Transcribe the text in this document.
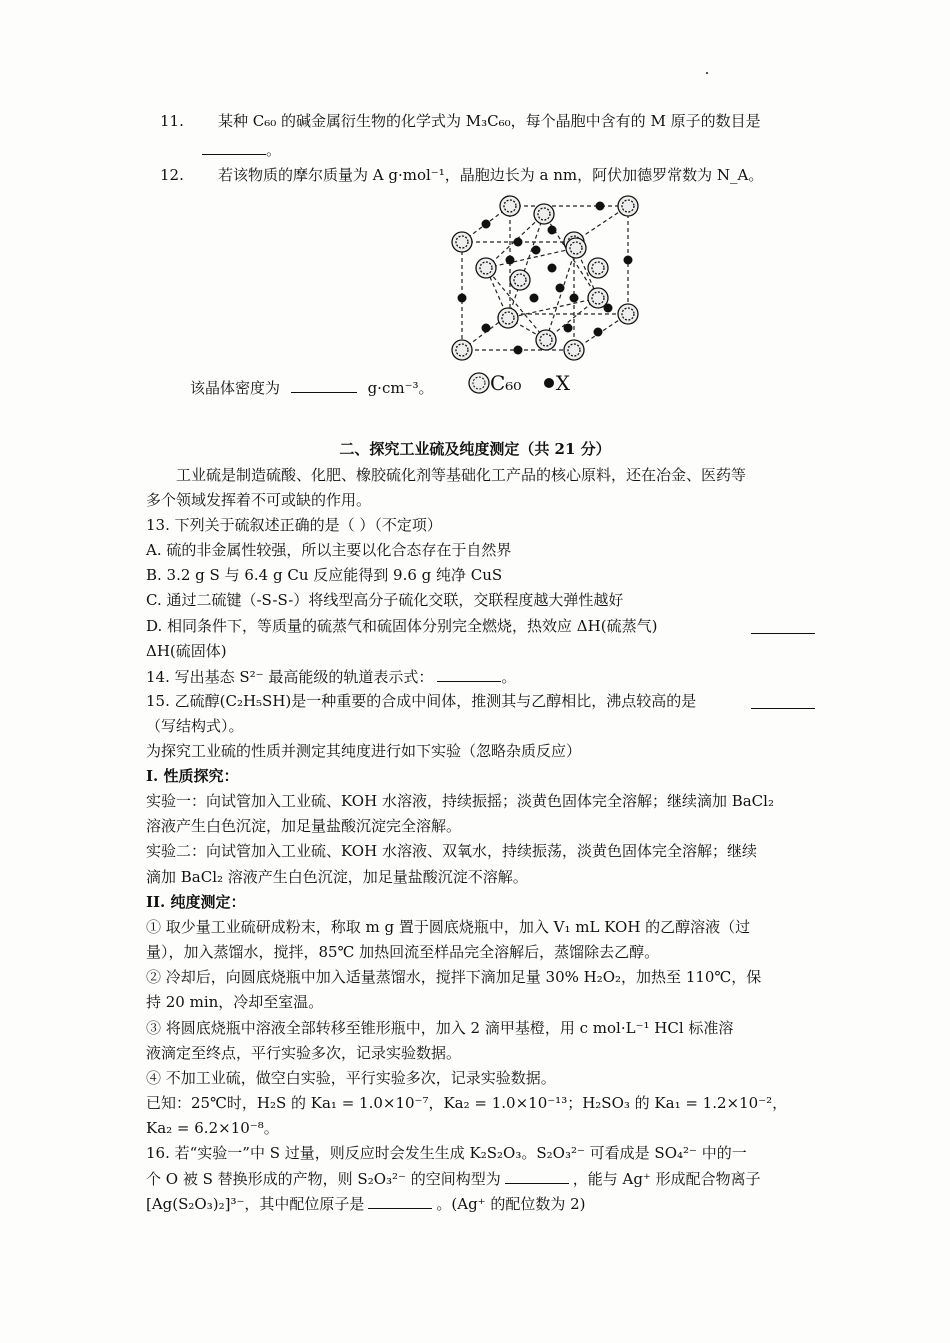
11. 某种 C₆₀ 的碱金属衍生物的化学式为 M₃C₆₀，每个晶胞中含有的 M 原子的数目是
。
12. 若该物质的摩尔质量为 A g·mol⁻¹，晶胞边长为 a nm，阿伏加德罗常数为 N_A。
该晶体密度为	g·cm⁻³。	C₆₀ X
二、探究工业硫及纯度测定（共 21 分）
工业硫是制造硫酸、化肥、橡胶硫化剂等基础化工产品的核心原料，还在冶金、医药等
多个领域发挥着不可或缺的作用。
13. 下列关于硫叙述正确的是（ ）（不定项）
A. 硫的非金属性较强，所以主要以化合态存在于自然界
B. 3.2 g S 与 6.4 g Cu 反应能得到 9.6 g 纯净 CuS
C. 通过二硫键（-S-S-）将线型高分子硫化交联，交联程度越大弹性越好
D. 相同条件下，等质量的硫蒸气和硫固体分别完全燃烧，热效应 ΔH(硫蒸气)
ΔH(硫固体)
14. 写出基态 S²⁻ 最高能级的轨道表示式：	。
15. 乙硫醇(C₂H₅SH)是一种重要的合成中间体，推测其与乙醇相比，沸点较高的是
（写结构式）。
为探究工业硫的性质并测定其纯度进行如下实验（忽略杂质反应）
I. 性质探究：
实验一：向试管加入工业硫、KOH 水溶液，持续振摇；淡黄色固体完全溶解；继续滴加 BaCl₂
溶液产生白色沉淀，加足量盐酸沉淀完全溶解。
实验二：向试管加入工业硫、KOH 水溶液、双氧水，持续振荡，淡黄色固体完全溶解；继续
滴加 BaCl₂ 溶液产生白色沉淀，加足量盐酸沉淀不溶解。
II. 纯度测定：
① 取少量工业硫研成粉末，称取 m g 置于圆底烧瓶中，加入 V₁ mL KOH 的乙醇溶液（过
量），加入蒸馏水，搅拌，85℃ 加热回流至样品完全溶解后，蒸馏除去乙醇。
② 冷却后，向圆底烧瓶中加入适量蒸馏水，搅拌下滴加足量 30% H₂O₂，加热至 110℃，保
持 20 min，冷却至室温。
③ 将圆底烧瓶中溶液全部转移至锥形瓶中，加入 2 滴甲基橙，用 c mol·L⁻¹ HCl 标准溶
液滴定至终点，平行实验多次，记录实验数据。
④ 不加工业硫，做空白实验，平行实验多次，记录实验数据。
已知：25℃时，H₂S 的 Ka₁ = 1.0×10⁻⁷，Ka₂ = 1.0×10⁻¹³；H₂SO₃ 的 Ka₁ = 1.2×10⁻²，
Ka₂ = 6.2×10⁻⁸。
16. 若“实验一”中 S 过量，则反应时会发生生成 K₂S₂O₃。S₂O₃²⁻ 可看成是 SO₄²⁻ 中的一
个 O 被 S 替换形成的产物，则 S₂O₃²⁻ 的空间构型为	，能与 Ag⁺ 形成配合物离子
[Ag(S₂O₃)₂]³⁻，其中配位原子是	。(Ag⁺ 的配位数为 2)
